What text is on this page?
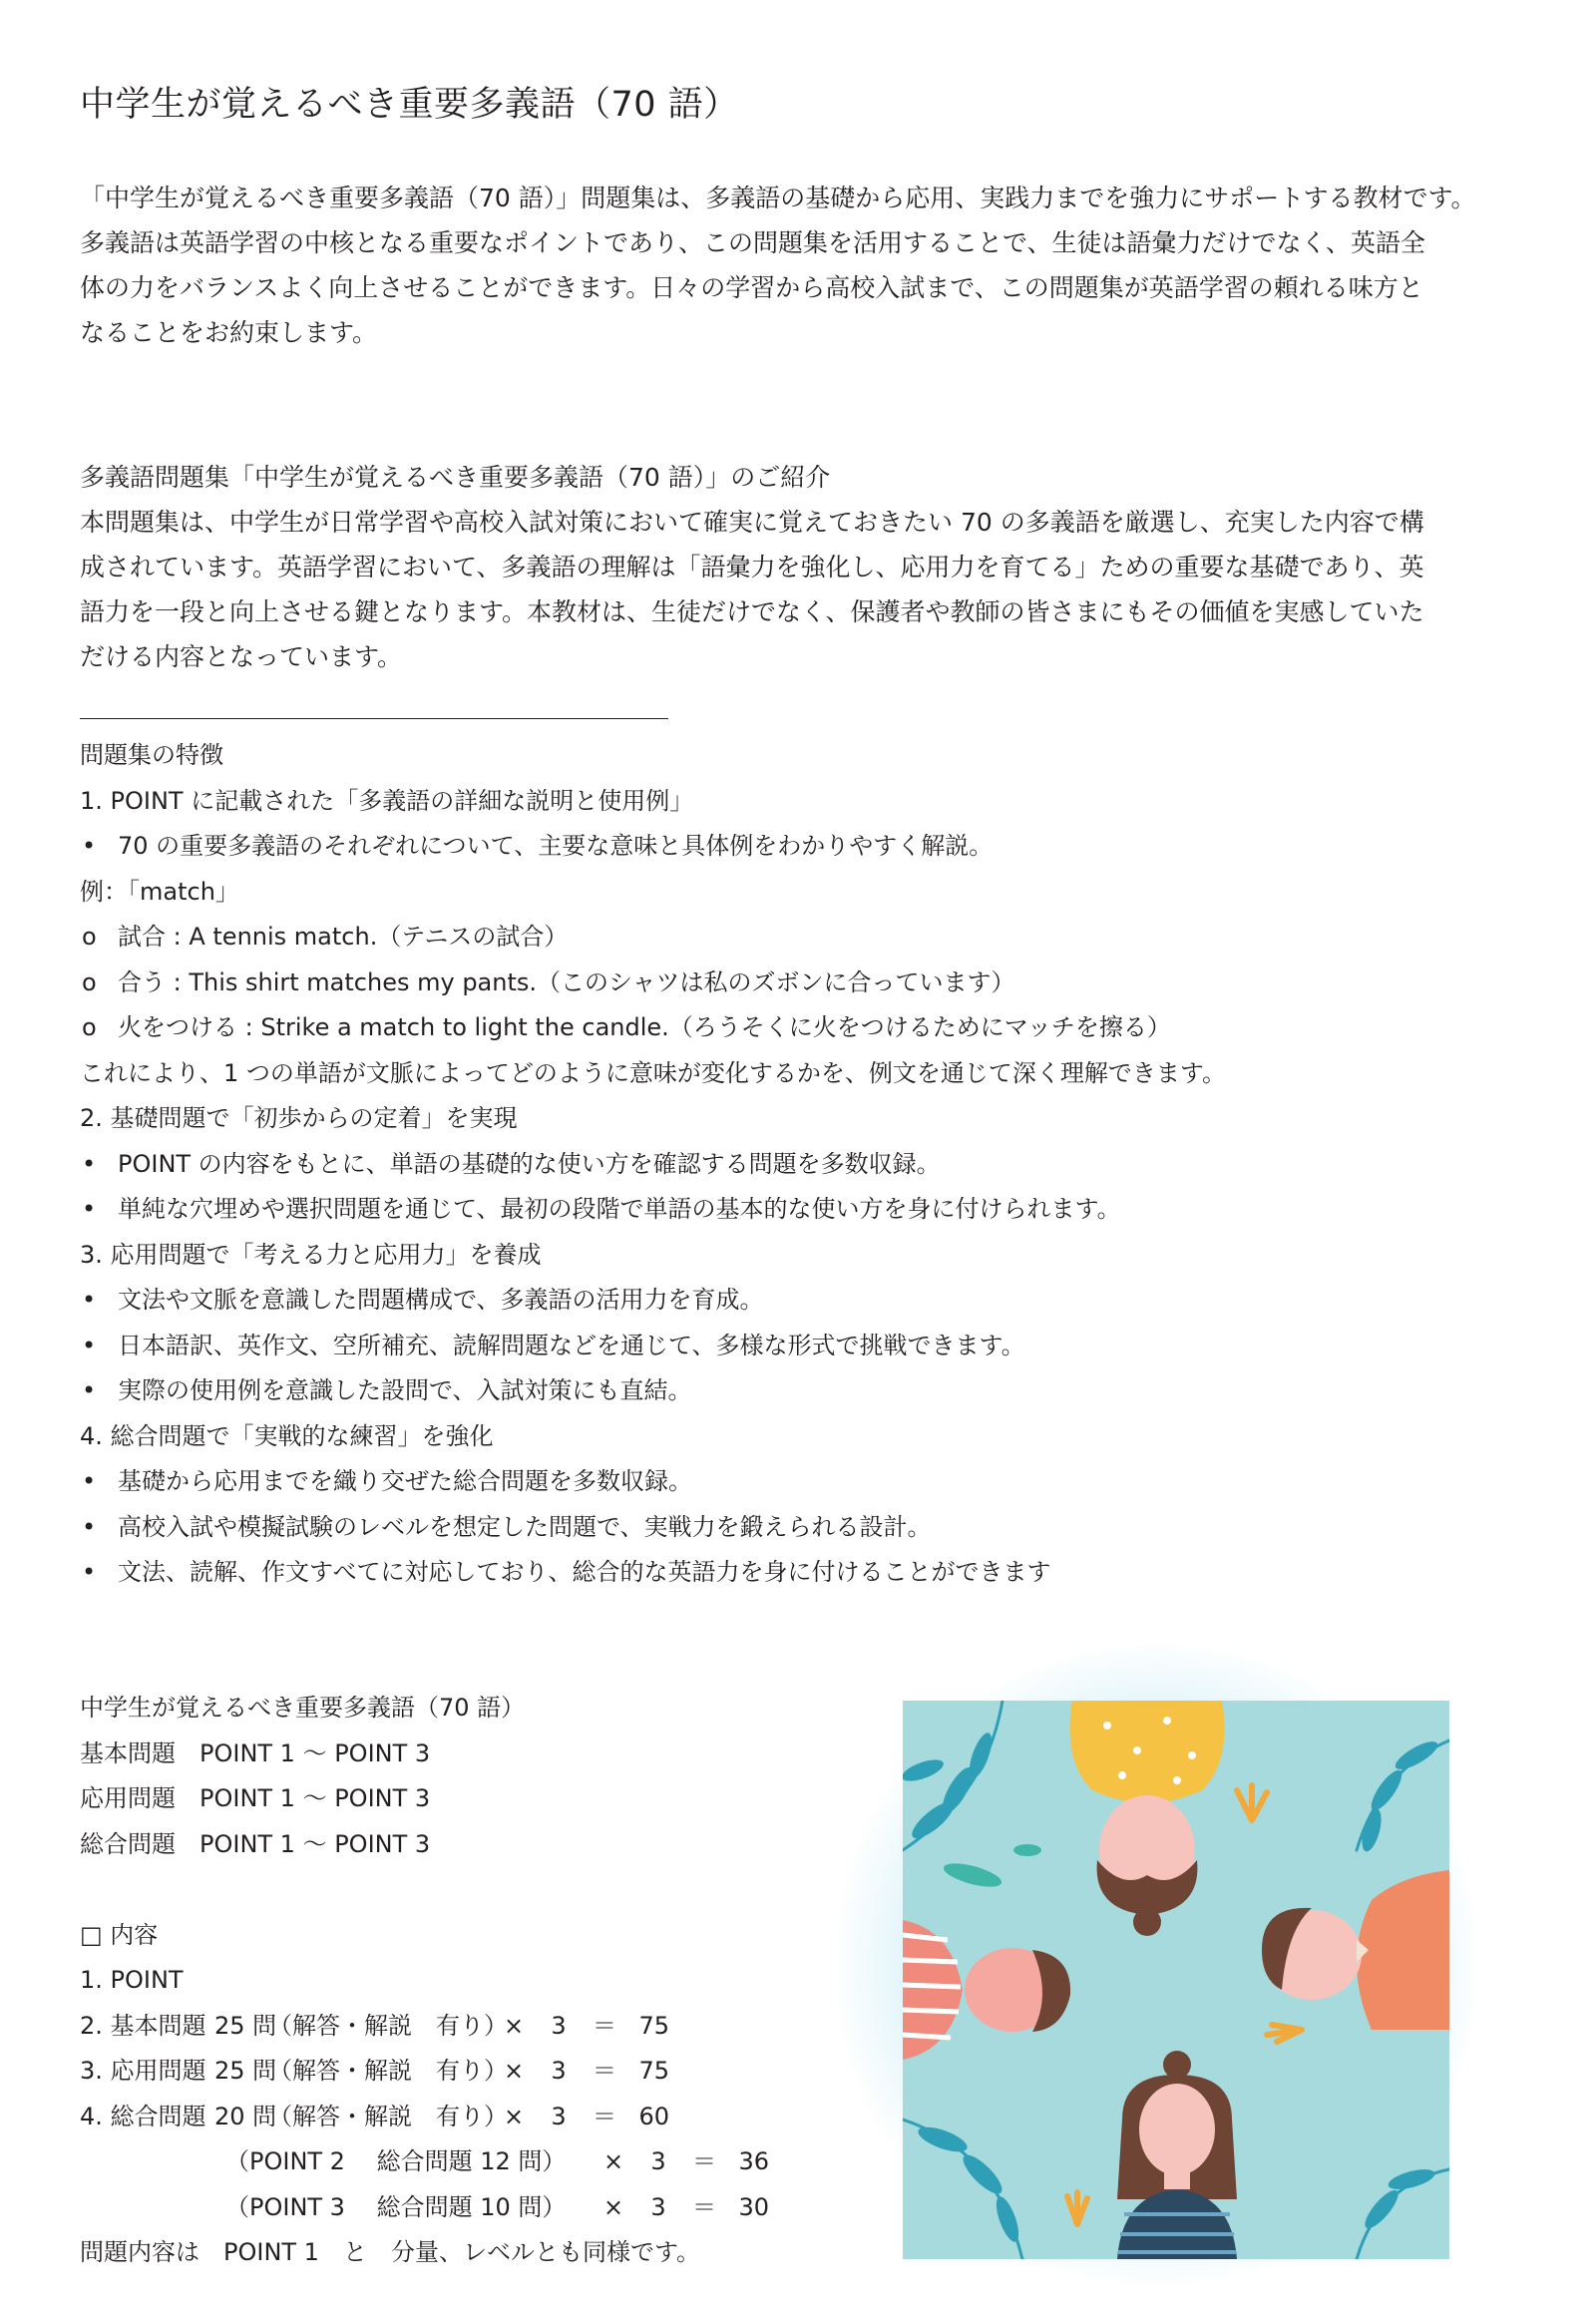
中学生が覚えるべき重要多義語（70 語）

「中学生が覚えるべき重要多義語（70 語）」問題集は、多義語の基礎から応用、実践力までを強力にサポートする教材です。

多義語は英語学習の中核となる重要なポイントであり、この問題集を活用することで、生徒は語彙力だけでなく、英語全

体の力をバランスよく向上させることができます。日々の学習から高校入試まで、この問題集が英語学習の頼れる味方と

なることをお約束します。

多義語問題集「中学生が覚えるべき重要多義語（70 語）」のご紹介

本問題集は、中学生が日常学習や高校入試対策において確実に覚えておきたい 70 の多義語を厳選し、充実した内容で構

成されています。英語学習において、多義語の理解は「語彙力を強化し、応用力を育てる」ための重要な基礎であり、英

語力を一段と向上させる鍵となります。本教材は、生徒だけでなく、保護者や教師の皆さまにもその価値を実感していた

だける内容となっています。

問題集の特徴
1. POINT に記載された「多義語の詳細な説明と使用例」
• 70 の重要多義語のそれぞれについて、主要な意味と具体例をわかりやすく解説。
例：「match」
o 試合 : A tennis match.（テニスの試合）
o 合う : This shirt matches my pants.（このシャツは私のズボンに合っています）
o 火をつける : Strike a match to light the candle.（ろうそくに火をつけるためにマッチを擦る）
これにより、1 つの単語が文脈によってどのように意味が変化するかを、例文を通じて深く理解できます。
2. 基礎問題で「初歩からの定着」を実現
• POINT の内容をもとに、単語の基礎的な使い方を確認する問題を多数収録。
• 単純な穴埋めや選択問題を通じて、最初の段階で単語の基本的な使い方を身に付けられます。
3. 応用問題で「考える力と応用力」を養成
• 文法や文脈を意識した問題構成で、多義語の活用力を育成。
• 日本語訳、英作文、空所補充、読解問題などを通じて、多様な形式で挑戦できます。
• 実際の使用例を意識した設問で、入試対策にも直結。
4. 総合問題で「実戦的な練習」を強化
• 基礎から応用までを織り交ぜた総合問題を多数収録。
• 高校入試や模擬試験のレベルを想定した問題で、実戦力を鍛えられる設計。
• 文法、読解、作文すべてに対応しており、総合的な英語力を身に付けることができます
中学生が覚えるべき重要多義語（70 語）
基本問題　POINT 1 ～ POINT 3
応用問題　POINT 1 ～ POINT 3
総合問題　POINT 1 ～ POINT 3
□ 内容
1. POINT
2. 基本問題 25 問（解答・解説　有り）× 3 ＝ 75
3. 応用問題 25 問（解答・解説　有り）× 3 ＝ 75
4. 総合問題 20 問（解答・解説　有り）× 3 ＝ 60
（POINT 2　 総合問題 12 問） × 3 ＝ 36
（POINT 3　 総合問題 10 問） × 3 ＝ 30
問題内容は　POINT 1　と　分量、レベルとも同様です。
